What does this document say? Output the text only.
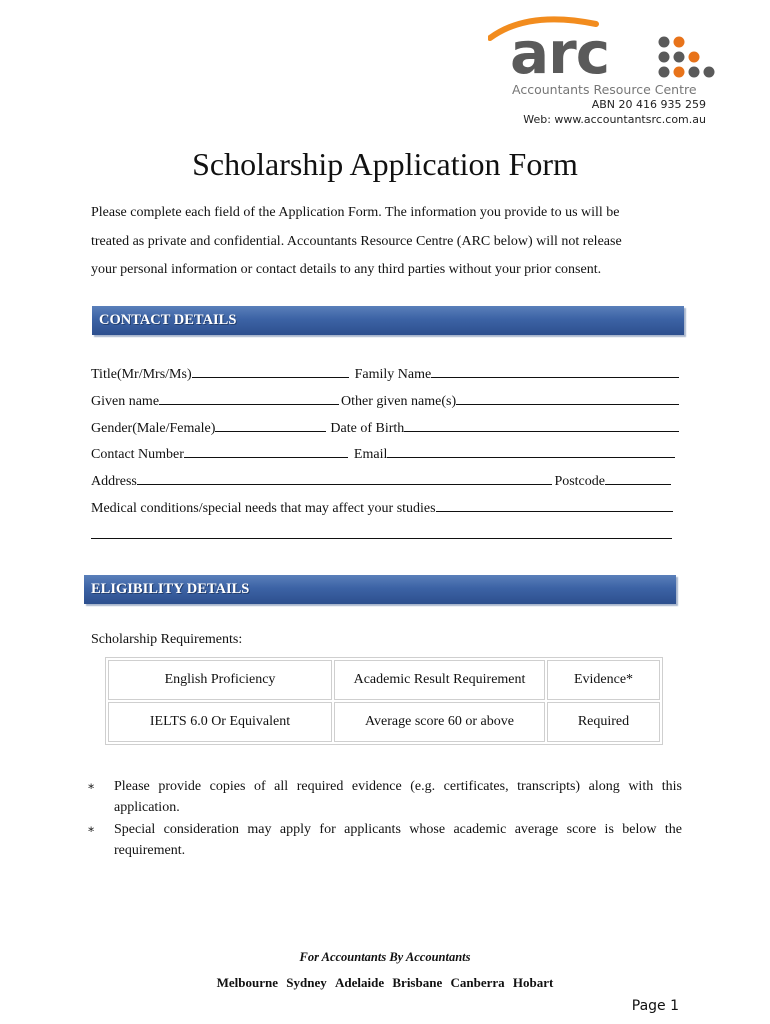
arc
Accountants Resource Centre
ABN 20 416 935 259
Web: www.accountantsrc.com.au
Scholarship Application Form
Please complete each field of the Application Form. The information you provide to us will be
treated as private and confidential. Accountants Resource Centre (ARC below) will not release
your personal information or contact details to any third parties without your prior consent.
CONTACT DETAILS
Title(Mr/Mrs/Ms)	Family Name
Given name	Other given name(s)
Gender(Male/Female)	Date of Birth
Contact Number	Email
Address	Postcode
Medical conditions/special needs that may affect your studies
ELIGIBILITY DETAILS
Scholarship Requirements:
English Proficiency	Academic Result Requirement	Evidence*
IELTS 6.0 Or Equivalent	Average score 60 or above	Required
∗ Please provide copies of all required evidence (e.g. certificates, transcripts) along with this application.
∗ Special consideration may apply for applicants whose academic average score is below the requirement.
For Accountants By Accountants
Melbourne Sydney Adelaide Brisbane Canberra Hobart
Page 1
